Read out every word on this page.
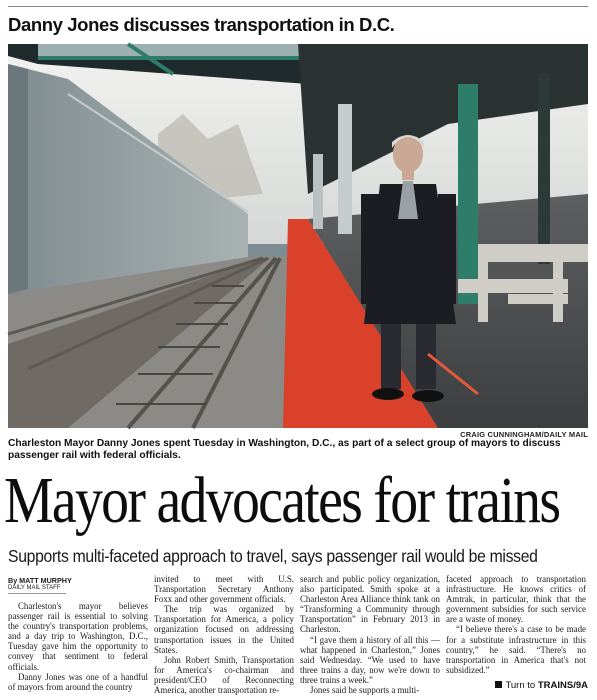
Danny Jones discusses transportation in D.C.
CRAIG CUNNINGHAM/DAILY MAIL
Charleston Mayor Danny Jones spent Tuesday in Washington, D.C., as part of a select group of mayors to discuss passenger rail with federal officials.
Mayor advocates for trains
Supports multi-faceted approach to travel, says passenger rail would be missed
By MATT MURPHY
DAILY MAIL STAFF

Charleston's mayor believes passenger rail is essential to solving the country's transportation problems, and a day trip to Washington, D.C., Tuesday gave him the opportunity to convey that sentiment to federal officials.

Danny Jones was one of a handful of mayors from around the country

invited to meet with U.S. Transportation Secretary Anthony Foxx and other government officials.

The trip was organized by Transportation for America, a policy organization focused on addressing transportation issues in the United States.

John Robert Smith, Transportation for America's co-chairman and president/CEO of Reconnecting America, another transportation re-

search and public policy organization, also participated. Smith spoke at a Charleston Area Alliance think tank on “Transforming a Community through Transportation” in February 2013 in Charleston.

“I gave them a history of all this — what happened in Charleston,” Jones said Wednesday. “We used to have three trains a day, now we're down to three trains a week.”

Jones said he supports a multi-

faceted approach to transportation infrastructure. He knows critics of Amtrak, in particular, think that the government subsidies for such service are a waste of money.

“I believe there's a case to be made for a substitute infrastructure in this country,” he said. “There's no transportation in America that's not subsidized.”

Turn to TRAINS/9A
